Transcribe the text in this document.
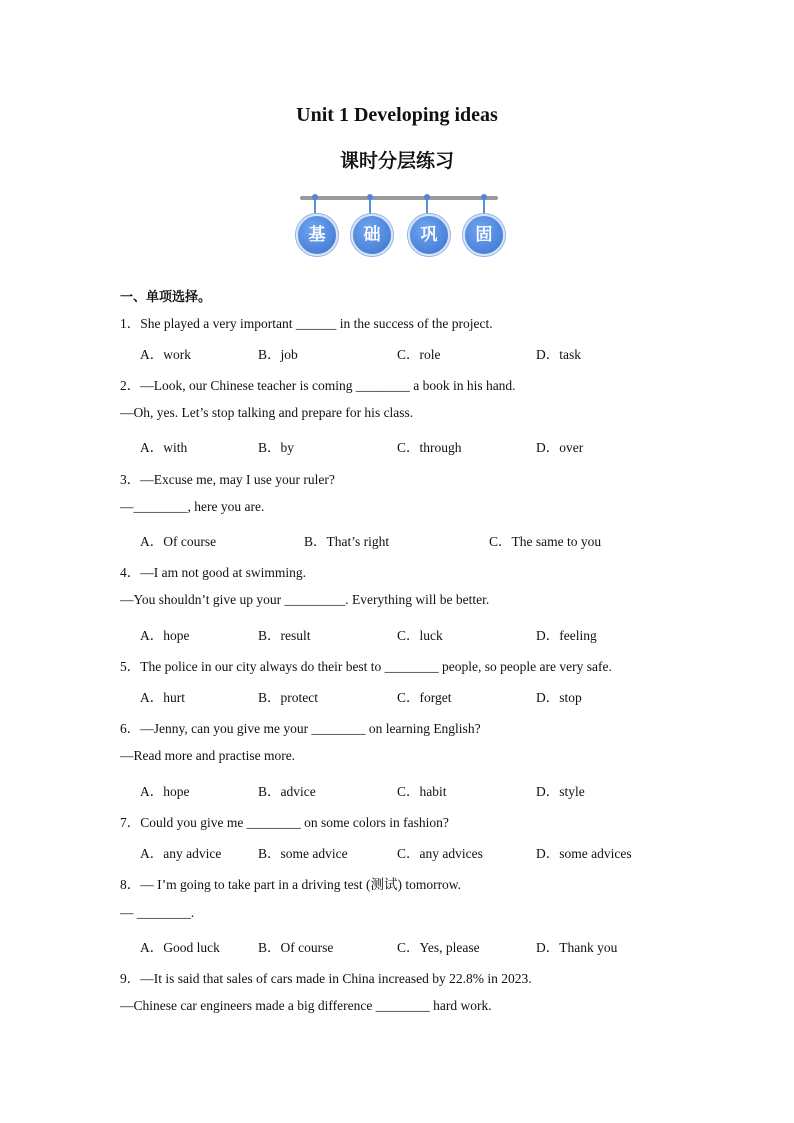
Unit 1 Developing ideas
课时分层练习
基	础	巩	固
一、单项选择。
1．She played a very important ______ in the success of the project.
A．work	B．job	C．role	D．task
2．—Look, our Chinese teacher is coming ________ a book in his hand.
—Oh, yes. Let’s stop talking and prepare for his class.
A．with	B．by	C．through	D．over
3．—Excuse me, may I use your ruler?
—________, here you are.
A．Of course	B．That’s right	C．The same to you
4．—I am not good at swimming.
—You shouldn’t give up your _________. Everything will be better.
A．hope	B．result	C．luck	D．feeling
5．The police in our city always do their best to ________ people, so people are very safe.
A．hurt	B．protect	C．forget	D．stop
6．—Jenny, can you give me your ________ on learning English?
—Read more and practise more.
A．hope	B．advice	C．habit	D．style
7．Could you give me ________ on some colors in fashion?
A．any advice	B．some advice	C．any advices	D．some advices
8．— I’m going to take part in a driving test (测试) tomorrow.
— ________.
A．Good luck	B．Of course	C．Yes, please	D．Thank you
9．—It is said that sales of cars made in China increased by 22.8% in 2023.
—Chinese car engineers made a big difference ________ hard work.
